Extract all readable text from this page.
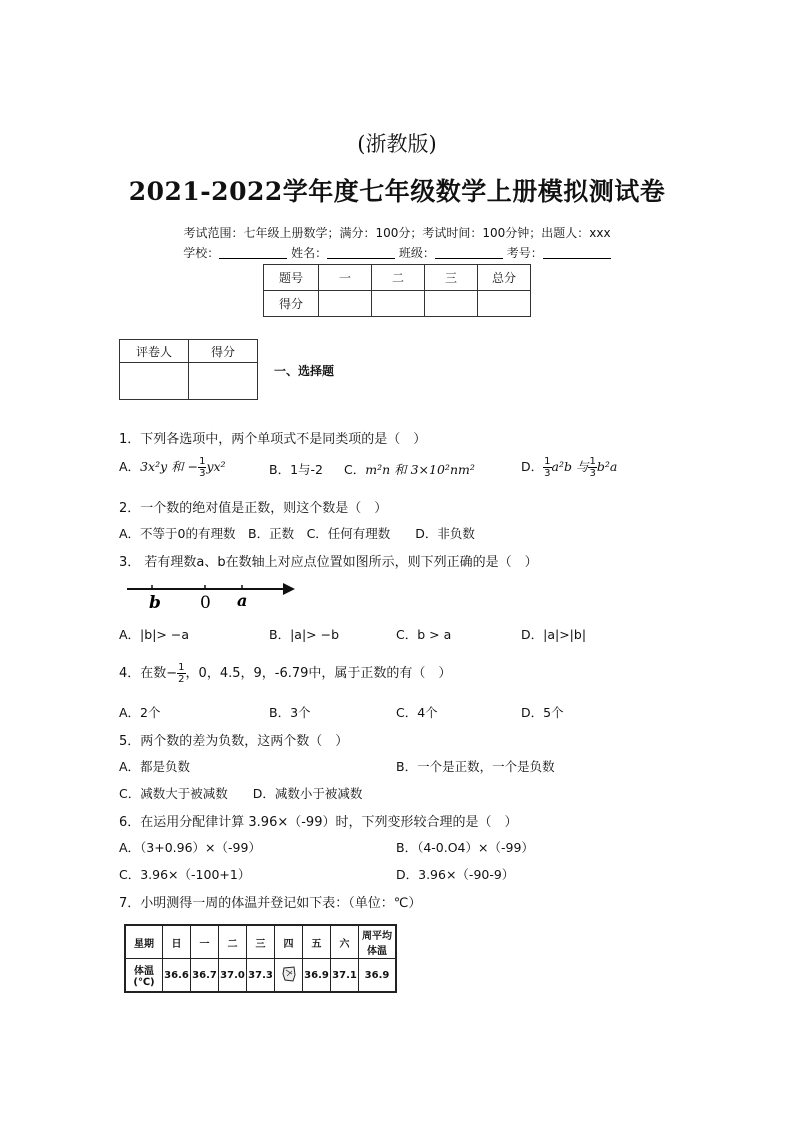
(浙教版)
2021-2022学年度七年级数学上册模拟测试卷
考试范围：七年级上册数学；满分：100分；考试时间：100分钟；出题人：xxx
学校：	姓名：	班级：	考号：
题号	一	二	三	总分
得分				
评卷人	得分

一、选择题
1．下列各选项中，两个单项式不是同类项的是（　）
A．3x²y 和 − $\frac{1}{3} yx^2$	B．1与-2 C．m²n 和 3×10²nm²	D． $\frac{1}{3} a^2b$ 与 $\frac{1}{3} b^2a$
2．一个数的绝对值是正数，则这个数是（　）
A．不等于0的有理数　B．正数　C．任何有理数　　D．非负数
3． 若有理数a、b在数轴上对应点位置如图所示，则下列正确的是（　）
b 0 a
A．|b|> −a	B．|a|> −b	C．b > a	D．|a|>|b|
4．在数− $\frac{1}{2}$ ，0，4.5，9，-6.79中，属于正数的有（　）
A．2个	B．3个	C．4个	D．5个
5．两个数的差为负数，这两个数（　）
A．都是负数	B．一个是正数，一个是负数
C．减数大于被减数　　D．减数小于被减数
6．在运用分配律计算 3.96×（-99）时，下列变形较合理的是（　）
A．（3+0.96）×（-99）	B．（4-0.O4）×（-99）
C．3.96×（-100+1）	D．3.96×（-90-9）
7．小明测得一周的体温并登记如下表：（单位：℃）
星期	日	一	二	三	四	五	六	周平均体温
体温(℃)	36.6	36.7	37.0	37.3		36.9	37.1	36.9
